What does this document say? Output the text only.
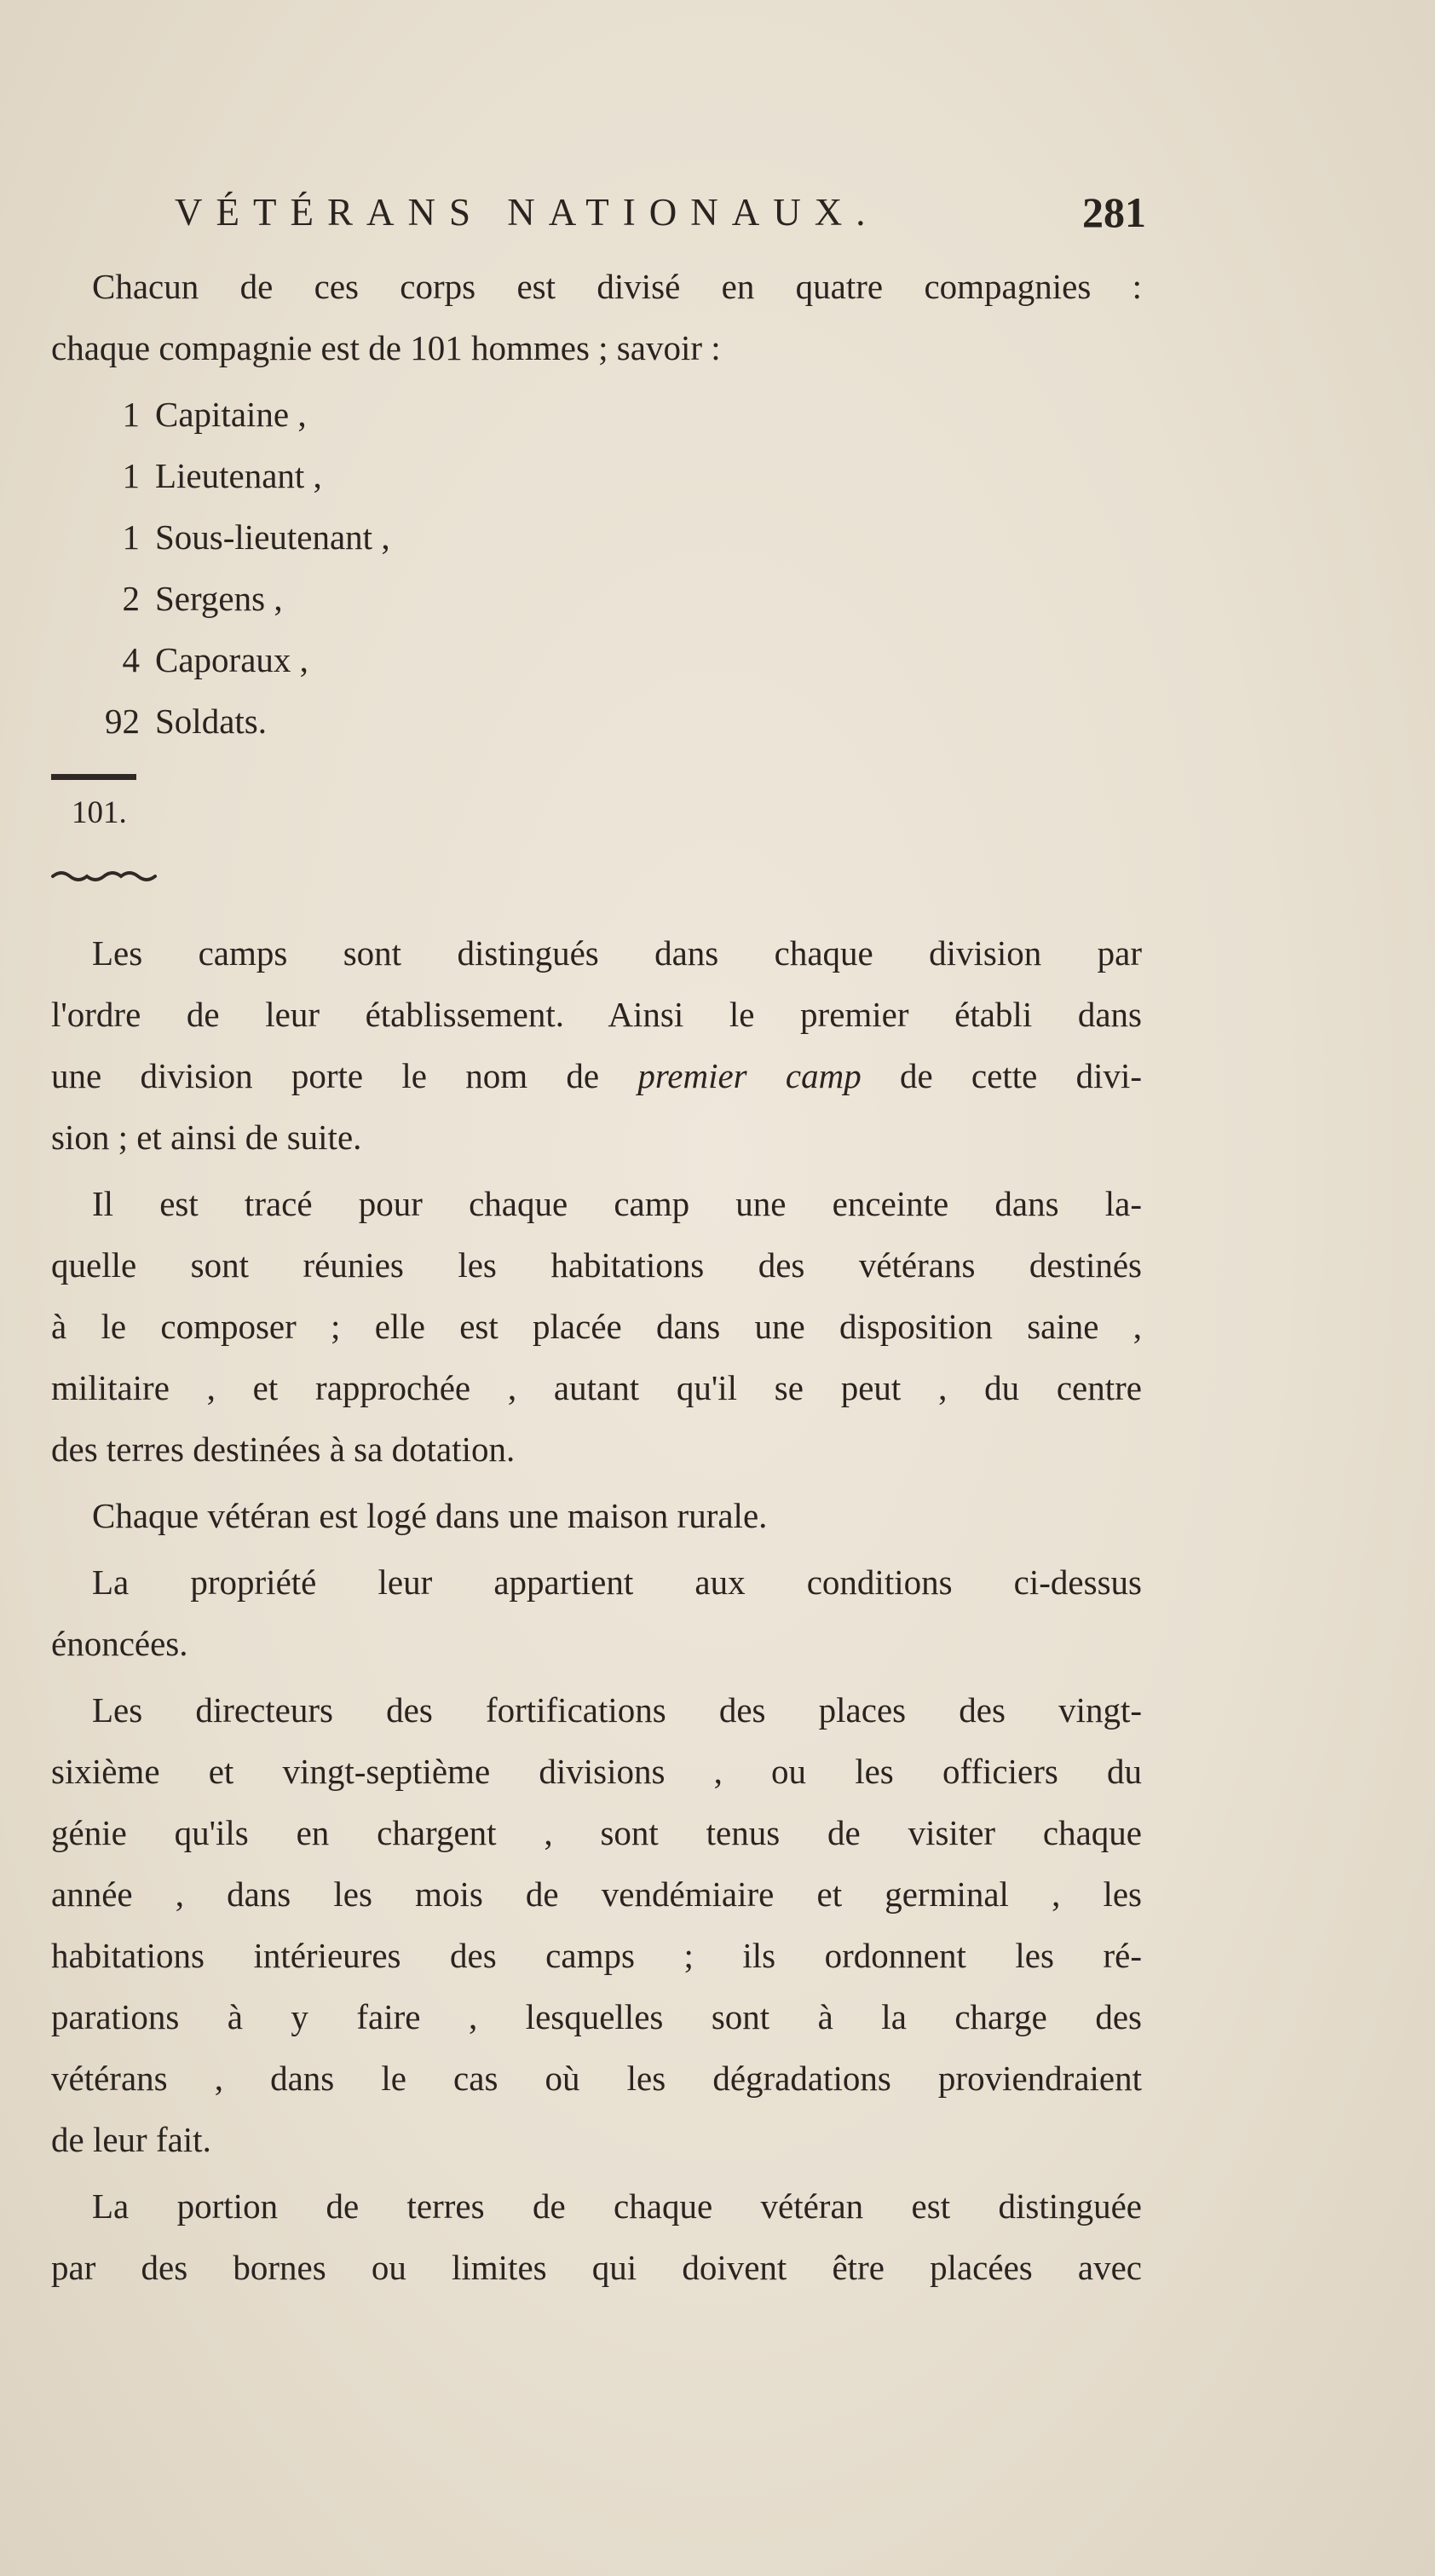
VÉTÉRANS NATIONAUX.	281
Chacun de ces corps est divisé en quatre compagnies :
chaque compagnie est de 101 hommes ; savoir :
1 Capitaine ,
1 Lieutenant ,
1 Sous-lieutenant ,
2 Sergens ,
4 Caporaux ,
92 Soldats.
101.
Les camps sont distingués dans chaque division par
l'ordre de leur établissement. Ainsi le premier établi dans
une division porte le nom de premier camp de cette divi-
sion ; et ainsi de suite.
Il est tracé pour chaque camp une enceinte dans la-
quelle sont réunies les habitations des vétérans destinés
à le composer ; elle est placée dans une disposition saine ,
militaire , et rapprochée , autant qu'il se peut , du centre
des terres destinées à sa dotation.
Chaque vétéran est logé dans une maison rurale.
La propriété leur appartient aux conditions ci-dessus
énoncées.
Les directeurs des fortifications des places des vingt-
sixième et vingt-septième divisions , ou les officiers du
génie qu'ils en chargent , sont tenus de visiter chaque
année , dans les mois de vendémiaire et germinal , les
habitations intérieures des camps ; ils ordonnent les ré-
parations à y faire , lesquelles sont à la charge des
vétérans , dans le cas où les dégradations proviendraient
de leur fait.
La portion de terres de chaque vétéran est distinguée
par des bornes ou limites qui doivent être placées avec
